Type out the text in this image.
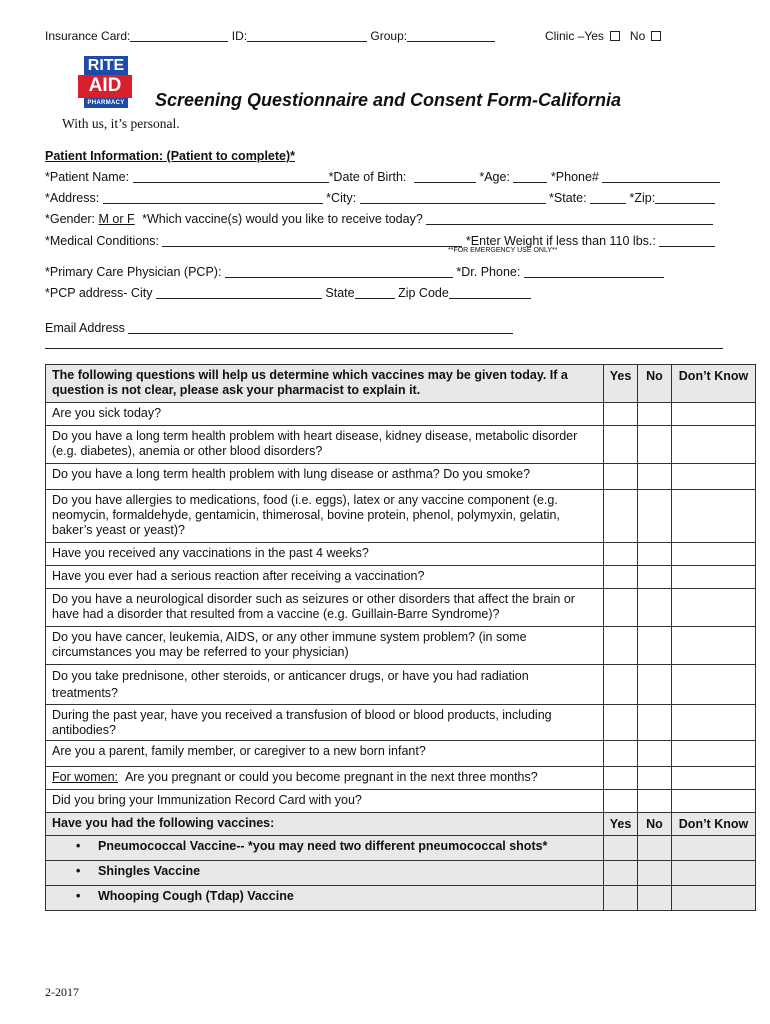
Insurance Card:	ID:	Group:	Clinic –Yes No
RITE
AID
PHARMACY
With us, it’s personal.
Screening Questionnaire and Consent Form-California
Patient Information: (Patient to complete)*
*Patient Name:	*Date of Birth:	*Age:	*Phone#
*Address:	*City:	*State:	*Zip:
*Gender: M or F *Which vaccine(s) would you like to receive today?
*Medical Conditions:	*Enter Weight if less than 110 lbs.:
**FOR EMERGENCY USE ONLY**
*Primary Care Physician (PCP):	*Dr. Phone:
*PCP address- City	State	Zip Code
Email Address
The following questions will help us determine which vaccines may be given today. If a question is not clear, please ask your pharmacist to explain it.	Yes	No	Don’t Know
Are you sick today?			
Do you have a long term health problem with heart disease, kidney disease, metabolic disorder (e.g. diabetes), anemia or other blood disorders?			
Do you have a long term health problem with lung disease or asthma? Do you smoke?			
Do you have allergies to medications, food (i.e. eggs), latex or any vaccine component (e.g. neomycin, formaldehyde, gentamicin, thimerosal, bovine protein, phenol, polymyxin, gelatin, baker’s yeast or yeast)?			
Have you received any vaccinations in the past 4 weeks?			
Have you ever had a serious reaction after receiving a vaccination?			
Do you have a neurological disorder such as seizures or other disorders that affect the brain or have had a disorder that resulted from a vaccine (e.g. Guillain-Barre Syndrome)?			
Do you have cancer, leukemia, AIDS, or any other immune system problem? (in some circumstances you may be referred to your physician)			
Do you take prednisone, other steroids, or anticancer drugs, or have you had radiation treatments?			
During the past year, have you received a transfusion of blood or blood products, including antibodies?			
Are you a parent, family member, or caregiver to a new born infant?			
For women: Are you pregnant or could you become pregnant in the next three months?			
Did you bring your Immunization Record Card with you?			
Have you had the following vaccines:	Yes	No	Don’t Know
• Pneumococcal Vaccine-- *you may need two different pneumococcal shots*			
• Shingles Vaccine			
• Whooping Cough (Tdap) Vaccine			
2-2017
